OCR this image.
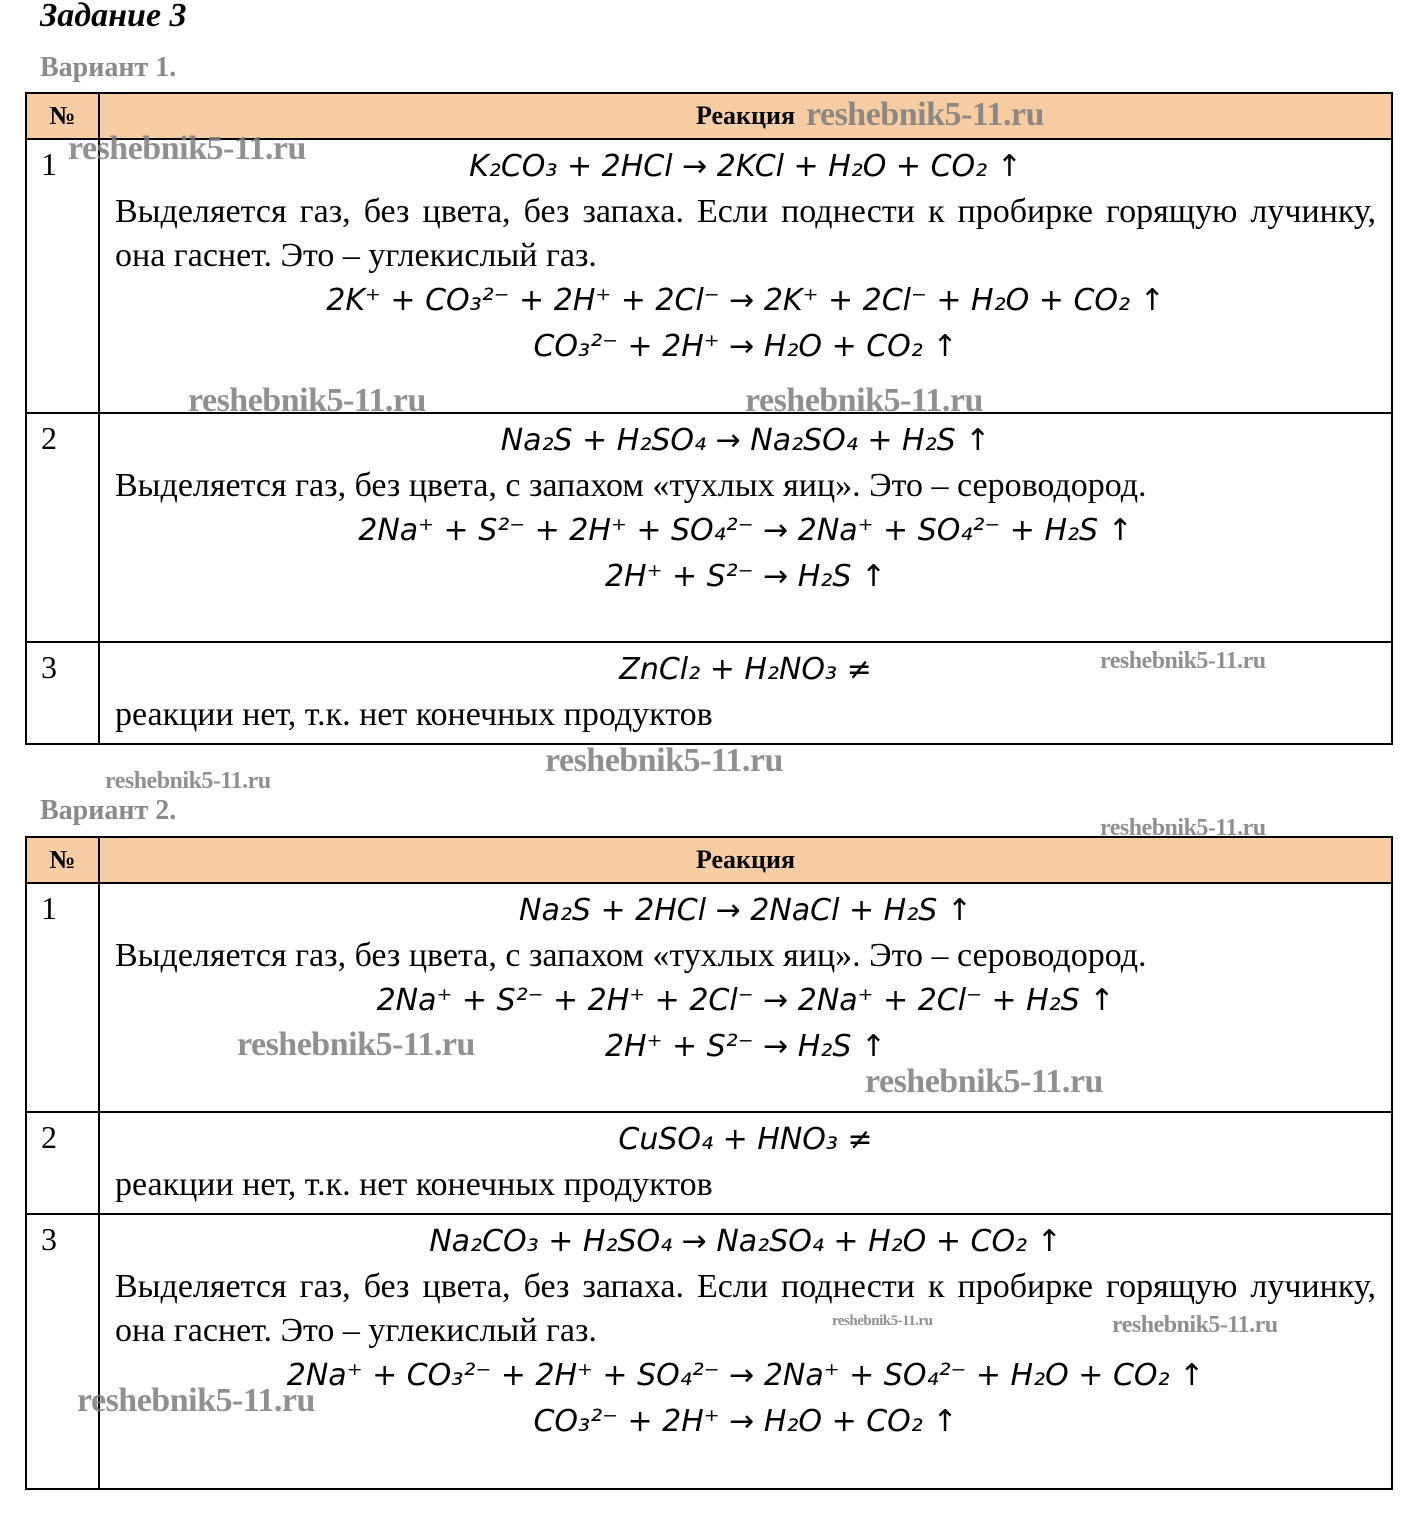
Задание 3
Вариант 1.
№	Реакция
1	K₂CO₃ + 2HCl → 2KCl + H₂O + CO₂ ↑

Выделяется газ, без цвета, без запаха. Если поднести к пробирке горящую лучинку, она гаснет. Это – углекислый газ.

2K⁺ + CO₃²⁻ + 2H⁺ + 2Cl⁻ → 2K⁺ + 2Cl⁻ + H₂O + CO₂ ↑
CO₃²⁻ + 2H⁺ → H₂O + CO₂ ↑

2	Na₂S + H₂SO₄ → Na₂SO₄ + H₂S ↑

Выделяется газ, без цвета, с запахом «тухлых яиц». Это – сероводород.

2Na⁺ + S²⁻ + 2H⁺ + SO₄²⁻ → 2Na⁺ + SO₄²⁻ + H₂S ↑
2H⁺ + S²⁻ → H₂S ↑

3	ZnCl₂ + H₂NO₃ ≠

реакции нет, т.к. нет конечных продуктов

Вариант 2.
№	Реакция
1	Na₂S + 2HCl → 2NaCl + H₂S ↑

Выделяется газ, без цвета, с запахом «тухлых яиц». Это – сероводород.

2Na⁺ + S²⁻ + 2H⁺ + 2Cl⁻ → 2Na⁺ + 2Cl⁻ + H₂S ↑
2H⁺ + S²⁻ → H₂S ↑

2	CuSO₄ + HNO₃ ≠

реакции нет, т.к. нет конечных продуктов

3	Na₂CO₃ + H₂SO₄ → Na₂SO₄ + H₂O + CO₂ ↑

Выделяется газ, без цвета, без запаха. Если поднести к пробирке горящую лучинку, она гаснет. Это – углекислый газ.

2Na⁺ + CO₃²⁻ + 2H⁺ + SO₄²⁻ → 2Na⁺ + SO₄²⁻ + H₂O + CO₂ ↑
CO₃²⁻ + 2H⁺ → H₂O + CO₂ ↑
reshebnik5-11.ru
reshebnik5-11.ru
reshebnik5-11.ru	reshebnik5-11.ru
reshebnik5-11.ru
reshebnik5-11.ru
reshebnik5-11.ru
reshebnik5-11.ru
reshebnik5-11.ru
reshebnik5-11.ru
reshebnik5-11.ru	reshebnik5-11.ru
reshebnik5-11.ru
